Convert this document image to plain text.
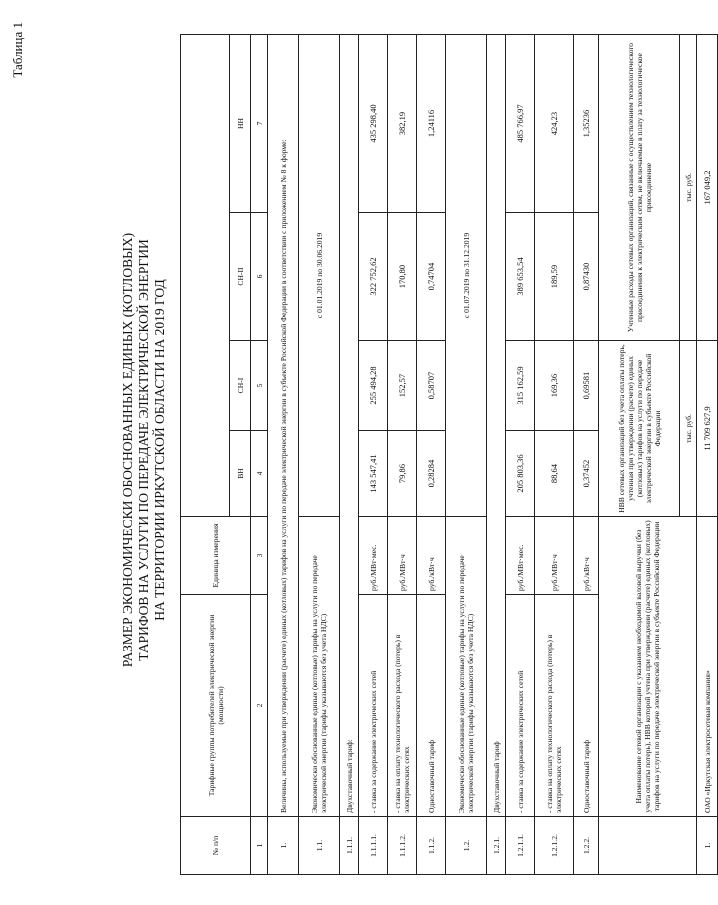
Таблица 1
РАЗМЕР ЭКОНОМИЧЕСКИ ОБОСНОВАННЫХ ЕДИНЫХ (КОТЛОВЫХ) ТАРИФОВ НА УСЛУГИ ПО ПЕРЕДАЧЕ ЭЛЕКТРИЧЕСКОЙ ЭНЕРГИИ НА ТЕРРИТОРИИ ИРКУТСКОЙ ОБЛАСТИ НА 2019 ГОД
№ п/п	Тарифные группы потребителей электрической энергии (мощности)	Единица измерения				
			ВН	СН-I	СН-II	НН
1	2	3	4	5	6	7
1.	Величины, используемые при утверждении (расчете) единых (котловых) тарифов на услуги по передаче электрической энергии в субъекте Российской Федерации в соответствии с приложением № 8 к форме:					
1.1.	Экономически обоснованные единые (котловые) тарифы на услуги по передаче электрической энергии (тарифы указываются без учета НДС)		с 01.01.2019 по 30.06.2019			
1.1.1.	Двухставочный тариф:					
1.1.1.1.	- ставка за содержание электрических сетей	руб./МВт·мес.	143 547,41	255 494,28	322 752,62	435 298,40
1.1.1.2.	- ставка на оплату технологического расхода (потерь) в электрических сетях	руб./МВт·ч	79,86	152,57	170,80	382,19
1.1.2.	Одноставочный тариф	руб./кВт·ч	0,28284	0,58707	0,74704	1,24116
1.2.	Экономически обоснованные единые (котловые) тарифы на услуги по передаче электрической энергии (тарифы указываются без учета НДС)		с 01.07.2019 по 31.12.2019			
1.2.1.	Двухставочный тариф					
1.2.1.1.	- ставка за содержание электрических сетей	руб./МВт·мес.	205 803,36	315 162,59	389 653,54	485 766,97
1.2.1.2.	- ставка на оплату технологического расхода (потерь) в электрических сетях	руб./МВт·ч	88,64	169,36	189,59	424,23
1.2.2.	Одноставочный тариф	руб./кВт·ч	0,37452	0,69581	0,87430	1,35236
	Наименование сетевой организации с указанием необходимой валовой выручки (без учета оплаты потерь), НВВ которой учтена при утверждении (расчете) единых (котловых) тарифов на услуги по передаче электрической энергии в субъекте Российской Федерации		НВВ сетевых организаций без учета оплаты потерь, учтенная при утверждении (расчете) единых (котловых) тарифов на услуги по передаче электрической энергии в субъекте Российской Федерации		Учтенные расходы сетевых организаций, связанные с осуществлением технологического присоединения к электрическим сетям, не включаемые в плату за технологическое присоединение	
			тыс. руб.		тыс. руб.	
1.	ОАО «Иркутская электросетевая компания»		11 709 627,9		167 049,2	
